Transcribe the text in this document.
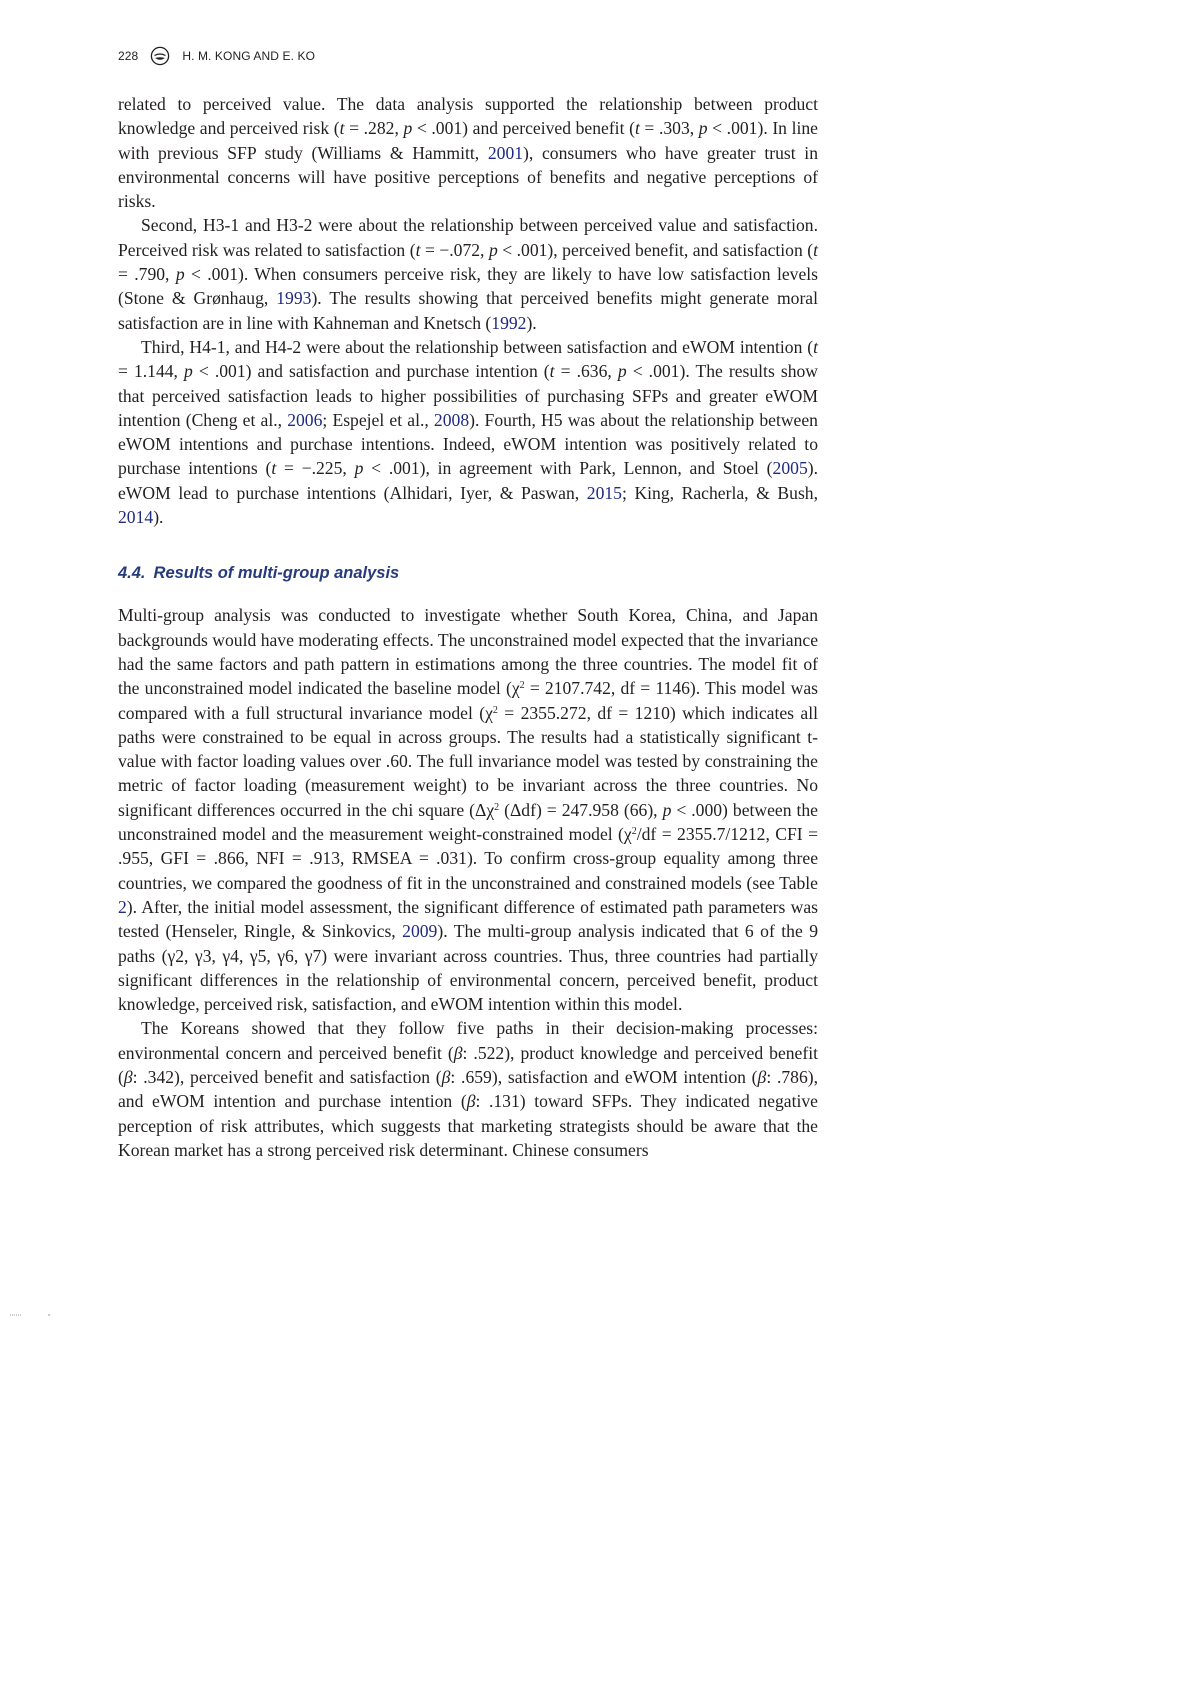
228	H. M. KONG AND E. KO

related to perceived value. The data analysis supported the relationship between product knowledge and perceived risk (t = .282, p < .001) and perceived benefit (t = .303, p < .001). In line with previous SFP study (Williams & Hammitt, 2001), consumers who have greater trust in environmental concerns will have positive perceptions of benefits and negative perceptions of risks.

Second, H3-1 and H3-2 were about the relationship between perceived value and satisfaction. Perceived risk was related to satisfaction (t = −.072, p < .001), perceived benefit, and satisfaction (t = .790, p < .001). When consumers perceive risk, they are likely to have low satisfaction levels (Stone & Grønhaug, 1993). The results showing that perceived benefits might generate moral satisfaction are in line with Kahneman and Knetsch (1992).

Third, H4-1, and H4-2 were about the relationship between satisfaction and eWOM intention (t = 1.144, p < .001) and satisfaction and purchase intention (t = .636, p < .001). The results show that perceived satisfaction leads to higher possibilities of purchasing SFPs and greater eWOM intention (Cheng et al., 2006; Espejel et al., 2008). Fourth, H5 was about the relationship between eWOM intentions and purchase intentions. Indeed, eWOM intention was positively related to purchase intentions (t = −.225, p < .001), in agreement with Park, Lennon, and Stoel (2005). eWOM lead to purchase intentions (Alhidari, Iyer, & Paswan, 2015; King, Racherla, & Bush, 2014).

4.4. Results of multi-group analysis

Multi-group analysis was conducted to investigate whether South Korea, China, and Japan backgrounds would have moderating effects. The unconstrained model expected that the invariance had the same factors and path pattern in estimations among the three countries. The model fit of the unconstrained model indicated the baseline model ($\chi^2 = 2107.742$, df = 1146). This model was compared with a full structural invariance model ($\chi^2 = 2355.272$, df = 1210) which indicates all paths were constrained to be equal in across groups. The results had a statistically significant t-value with factor loading values over .60. The full invariance model was tested by constraining the metric of factor loading (measurement weight) to be invariant across the three countries. No significant differences occurred in the chi square ($\Delta\chi^2$ (Δdf) = 247.958 (66), p < .000) between the unconstrained model and the measurement weight-constrained model ($\chi^2/df = 2355.7/1212$, CFI = .955, GFI = .866, NFI = .913, RMSEA = .031). To confirm cross-group equality among three countries, we compared the goodness of fit in the unconstrained and constrained models (see Table 2). After, the initial model assessment, the significant difference of estimated path parameters was tested (Henseler, Ringle, & Sinkovics, 2009). The multi-group analysis indicated that 6 of the 9 paths (γ2, γ3, γ4, γ5, γ6, γ7) were invariant across countries. Thus, three countries had partially significant differences in the relationship of environmental concern, perceived benefit, product knowledge, perceived risk, satisfaction, and eWOM intention within this model.

The Koreans showed that they follow five paths in their decision-making processes: environmental concern and perceived benefit (β: .522), product knowledge and perceived benefit (β: .342), perceived benefit and satisfaction (β: .659), satisfaction and eWOM intention (β: .786), and eWOM intention and purchase intention (β: .131) toward SFPs. They indicated negative perception of risk attributes, which suggests that marketing strategists should be aware that the Korean market has a strong perceived risk determinant. Chinese consumers
